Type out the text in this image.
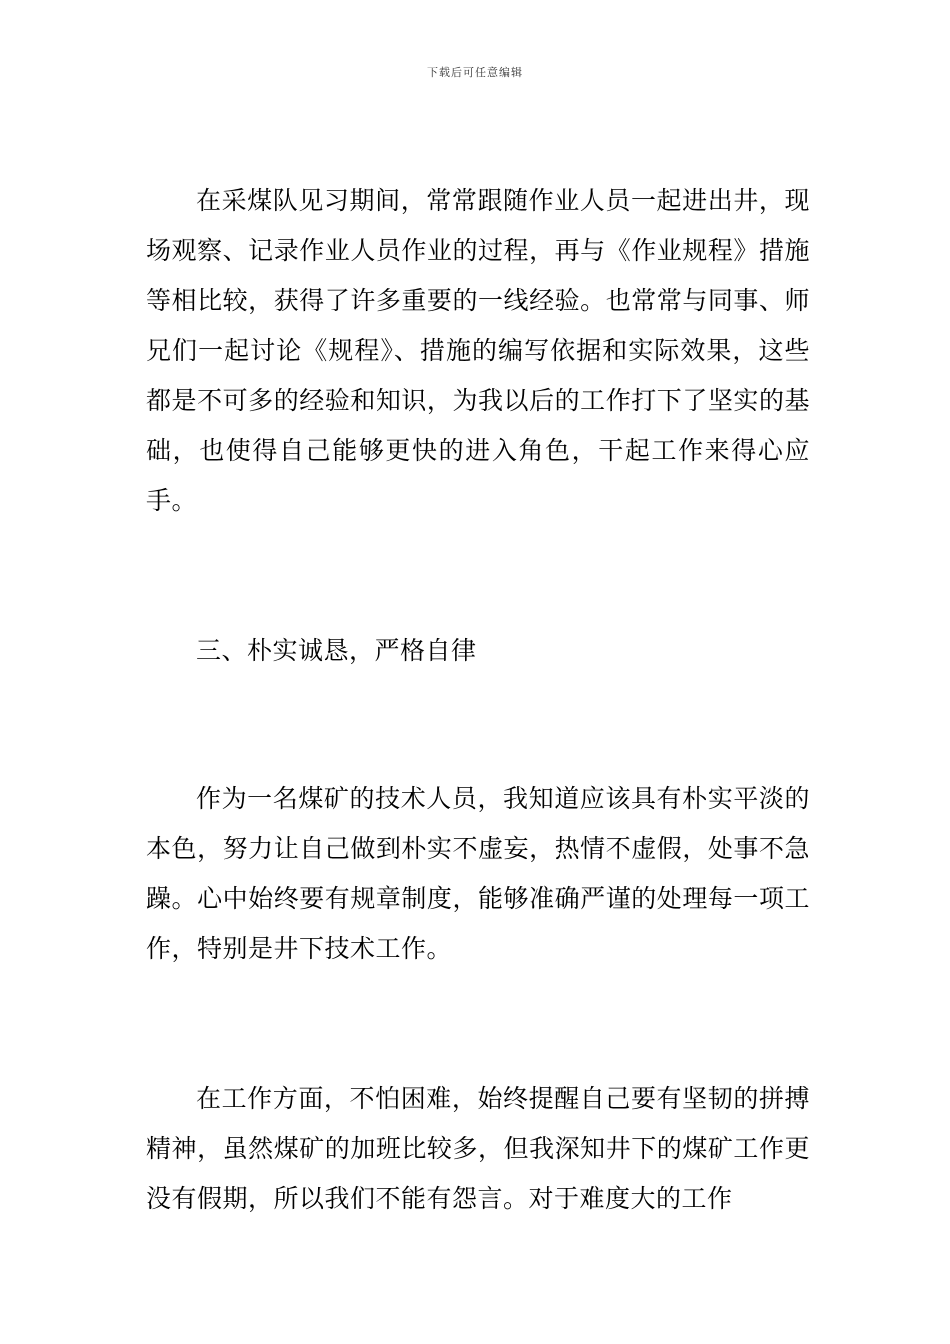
下载后可任意编辑

在采煤队见习期间，常常跟随作业人员一起进出井，现场观察、记录作业人员作业的过程，再与《作业规程》措施等相比较，获得了许多重要的一线经验。也常常与同事、师兄们一起讨论《规程》、措施的编写依据和实际效果，这些都是不可多的经验和知识，为我以后的工作打下了坚实的基础，也使得自己能够更快的进入角色，干起工作来得心应手。

三、朴实诚恳，严格自律

作为一名煤矿的技术人员，我知道应该具有朴实平淡的本色，努力让自己做到朴实不虚妄，热情不虚假，处事不急躁。心中始终要有规章制度，能够准确严谨的处理每一项工作，特别是井下技术工作。

在工作方面，不怕困难，始终提醒自己要有坚韧的拼搏精神，虽然煤矿的加班比较多，但我深知井下的煤矿工作更没有假期，所以我们不能有怨言。对于难度大的工作
